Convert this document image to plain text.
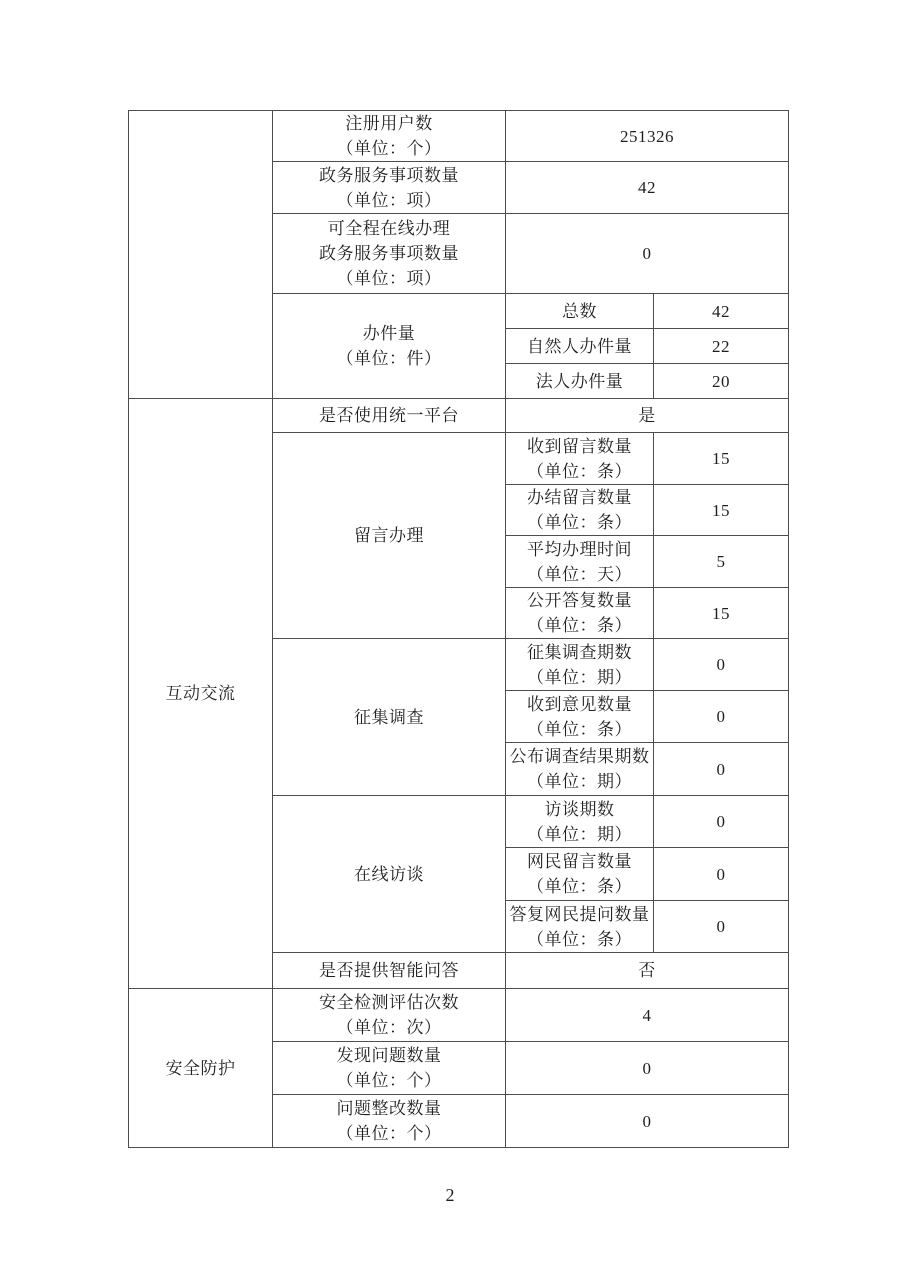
	注册用户数
（单位：个）	251326	

	政务服务事项数量
（单位：项）	42	

	可全程在线办理
政务服务事项数量
（单位：项）	0	

	办件量
（单位：件）	总数	42
		自然人办件量	22
		法人办件量	20
互动交流	是否使用统一平台	是	
	留言办理	收到留言数量
（单位：条）	15

		办结留言数量
（单位：条）	15

		平均办理时间
（单位：天）	5

		公开答复数量
（单位：条）	15
	征集调查	征集调查期数
（单位：期）	0

		收到意见数量
（单位：条）	0

		公布调查结果期数
（单位：期）	0
	在线访谈	访谈期数
（单位：期）	0

		网民留言数量
（单位：条）	0

		答复网民提问数量
（单位：条）	0
	是否提供智能问答	否	
安全防护	安全检测评估次数
（单位：次）	4	

	发现问题数量
（单位：个）	0	

	问题整改数量
（单位：个）	0	
2
